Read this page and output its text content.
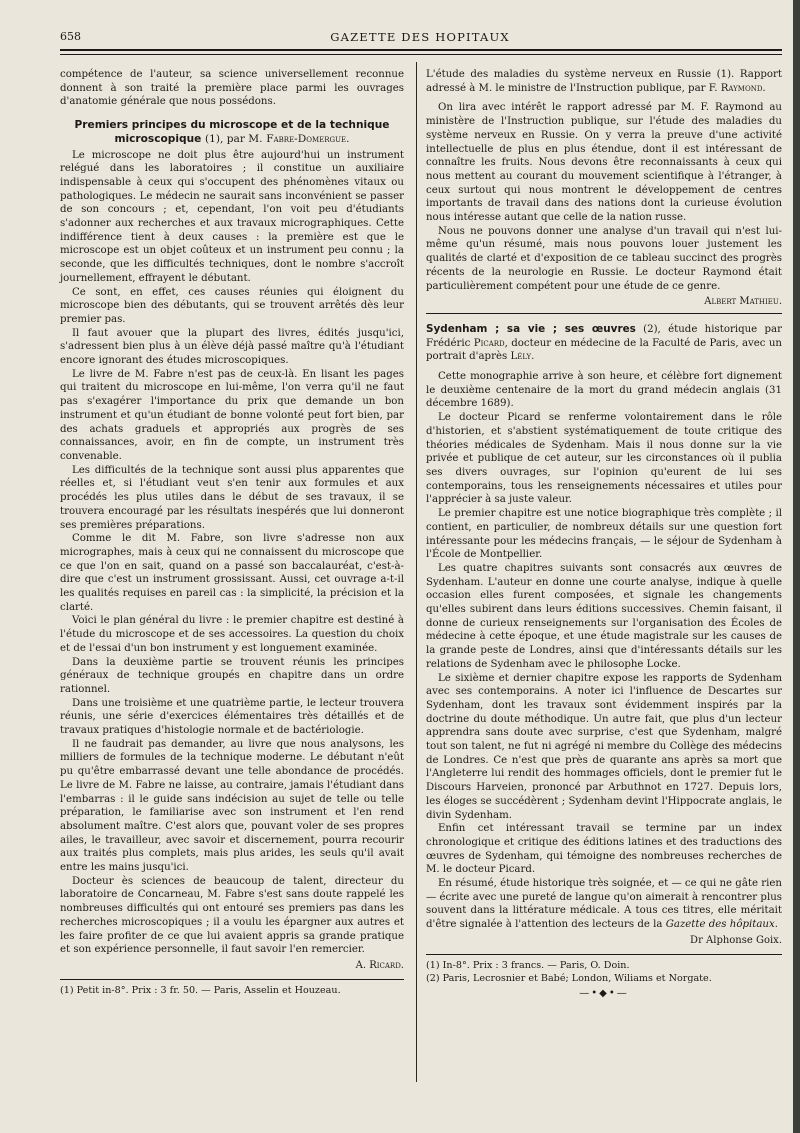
658	GAZETTE DES HOPITAUX

compétence de l'auteur, sa science universellement reconnue donnent à son traité la première place parmi les ouvrages d'anatomie générale que nous possédons.

Premiers principes du microscope et de la technique
microscopique (1), par M. Fabre-Domergue.

Le microscope ne doit plus être aujourd'hui un instrument relégué dans les laboratoires ; il constitue un auxiliaire indispensable à ceux qui s'occupent des phénomènes vitaux ou pathologiques. Le médecin ne saurait sans inconvénient se passer de son concours ; et, cependant, l'on voit peu d'étudiants s'adonner aux recherches et aux travaux micrographiques. Cette indifférence tient à deux causes : la première est que le microscope est un objet coûteux et un instrument peu connu ; la seconde, que les difficultés techniques, dont le nombre s'accroît journellement, effrayent le débutant.

Ce sont, en effet, ces causes réunies qui éloignent du microscope bien des débutants, qui se trouvent arrêtés dès leur premier pas.

Il faut avouer que la plupart des livres, édités jusqu'ici, s'adressent bien plus à un élève déjà passé maître qu'à l'étudiant encore ignorant des études microscopiques.

Le livre de M. Fabre n'est pas de ceux-là. En lisant les pages qui traitent du microscope en lui-même, l'on verra qu'il ne faut pas s'exagérer l'importance du prix que demande un bon instrument et qu'un étudiant de bonne volonté peut fort bien, par des achats graduels et appropriés aux progrès de ses connaissances, avoir, en fin de compte, un instrument très convenable.

Les difficultés de la technique sont aussi plus apparentes que réelles et, si l'étudiant veut s'en tenir aux formules et aux procédés les plus utiles dans le début de ses travaux, il se trouvera encouragé par les résultats inespérés que lui donneront ses premières préparations.

Comme le dit M. Fabre, son livre s'adresse non aux micrographes, mais à ceux qui ne connaissent du microscope que ce que l'on en sait, quand on a passé son baccalauréat, c'est-à-dire que c'est un instrument grossissant. Aussi, cet ouvrage a-t-il les qualités requises en pareil cas : la simplicité, la précision et la clarté.

Voici le plan général du livre : le premier chapitre est destiné à l'étude du microscope et de ses accessoires. La question du choix et de l'essai d'un bon instrument y est longuement examinée.

Dans la deuxième partie se trouvent réunis les principes généraux de technique groupés en chapitre dans un ordre rationnel.

Dans une troisième et une quatrième partie, le lecteur trouvera réunis, une série d'exercices élémentaires très détaillés et de travaux pratiques d'histologie normale et de bactériologie.

Il ne faudrait pas demander, au livre que nous analysons, les milliers de formules de la technique moderne. Le débutant n'eût pu qu'être embarrassé devant une telle abondance de procédés. Le livre de M. Fabre ne laisse, au contraire, jamais l'étudiant dans l'embarras : il le guide sans indécision au sujet de telle ou telle préparation, le familiarise avec son instrument et l'en rend absolument maître. C'est alors que, pouvant voler de ses propres ailes, le travailleur, avec savoir et discernement, pourra recourir aux traités plus complets, mais plus arides, les seuls qu'il avait entre les mains jusqu'ici.

Docteur ès sciences de beaucoup de talent, directeur du laboratoire de Concarneau, M. Fabre s'est sans doute rappelé les nombreuses difficultés qui ont entouré ses premiers pas dans les recherches microscopiques ; il a voulu les épargner aux autres et les faire profiter de ce que lui avaient appris sa grande pratique et son expérience personnelle, il faut savoir l'en remercier.

A. Ricard.

(1) Petit in-8°. Prix : 3 fr. 50. — Paris, Asselin et Houzeau.

L'étude des maladies du système nerveux en Russie (1). Rapport adressé à M. le ministre de l'Instruction publique, par F. Raymond.

On lira avec intérêt le rapport adressé par M. F. Raymond au ministère de l'Instruction publique, sur l'étude des maladies du système nerveux en Russie. On y verra la preuve d'une activité intellectuelle de plus en plus étendue, dont il est intéressant de connaître les fruits. Nous devons être reconnaissants à ceux qui nous mettent au courant du mouvement scientifique à l'étranger, à ceux surtout qui nous montrent le développement de centres importants de travail dans des nations dont la curieuse évolution nous intéresse autant que celle de la nation russe.

Nous ne pouvons donner une analyse d'un travail qui n'est lui-même qu'un résumé, mais nous pouvons louer justement les qualités de clarté et d'exposition de ce tableau succinct des progrès récents de la neurologie en Russie. Le docteur Raymond était particulièrement compétent pour une étude de ce genre.

Albert Mathieu.

Sydenham ; sa vie ; ses œuvres (2), étude historique par Frédéric Picard, docteur en médecine de la Faculté de Paris, avec un portrait d'après Lély.

Cette monographie arrive à son heure, et célèbre fort dignement le deuxième centenaire de la mort du grand médecin anglais (31 décembre 1689).

Le docteur Picard se renferme volontairement dans le rôle d'historien, et s'abstient systématiquement de toute critique des théories médicales de Sydenham. Mais il nous donne sur la vie privée et publique de cet auteur, sur les circonstances où il publia ses divers ouvrages, sur l'opinion qu'eurent de lui ses contemporains, tous les renseignements nécessaires et utiles pour l'apprécier à sa juste valeur.

Le premier chapitre est une notice biographique très complète ; il contient, en particulier, de nombreux détails sur une question fort intéressante pour les médecins français, — le séjour de Sydenham à l'École de Montpellier.

Les quatre chapitres suivants sont consacrés aux œuvres de Sydenham. L'auteur en donne une courte analyse, indique à quelle occasion elles furent composées, et signale les changements qu'elles subirent dans leurs éditions successives. Chemin faisant, il donne de curieux renseignements sur l'organisation des Écoles de médecine à cette époque, et une étude magistrale sur les causes de la grande peste de Londres, ainsi que d'intéressants détails sur les relations de Sydenham avec le philosophe Locke.

Le sixième et dernier chapitre expose les rapports de Sydenham avec ses contemporains. A noter ici l'influence de Descartes sur Sydenham, dont les travaux sont évidemment inspirés par la doctrine du doute méthodique. Un autre fait, que plus d'un lecteur apprendra sans doute avec surprise, c'est que Sydenham, malgré tout son talent, ne fut ni agrégé ni membre du Collège des médecins de Londres. Ce n'est que près de quarante ans après sa mort que l'Angleterre lui rendit des hommages officiels, dont le premier fut le Discours Harveien, prononcé par Arbuthnot en 1727. Depuis lors, les éloges se succédèrent ; Sydenham devint l'Hippocrate anglais, le divin Sydenham.

Enfin cet intéressant travail se termine par un index chronologique et critique des éditions latines et des traductions des œuvres de Sydenham, qui témoigne des nombreuses recherches de M. le docteur Picard.

En résumé, étude historique très soignée, et — ce qui ne gâte rien — écrite avec une pureté de langue qu'on aimerait à rencontrer plus souvent dans la littérature médicale. A tous ces titres, elle méritait d'être signalée à l'attention des lecteurs de la Gazette des hôpitaux.

Dr Alphonse Goix.

(1) In-8°. Prix : 3 francs. — Paris, O. Doin.

(2) Paris, Lecrosnier et Babé; London, Wiliams et Norgate.

—•◆•—
